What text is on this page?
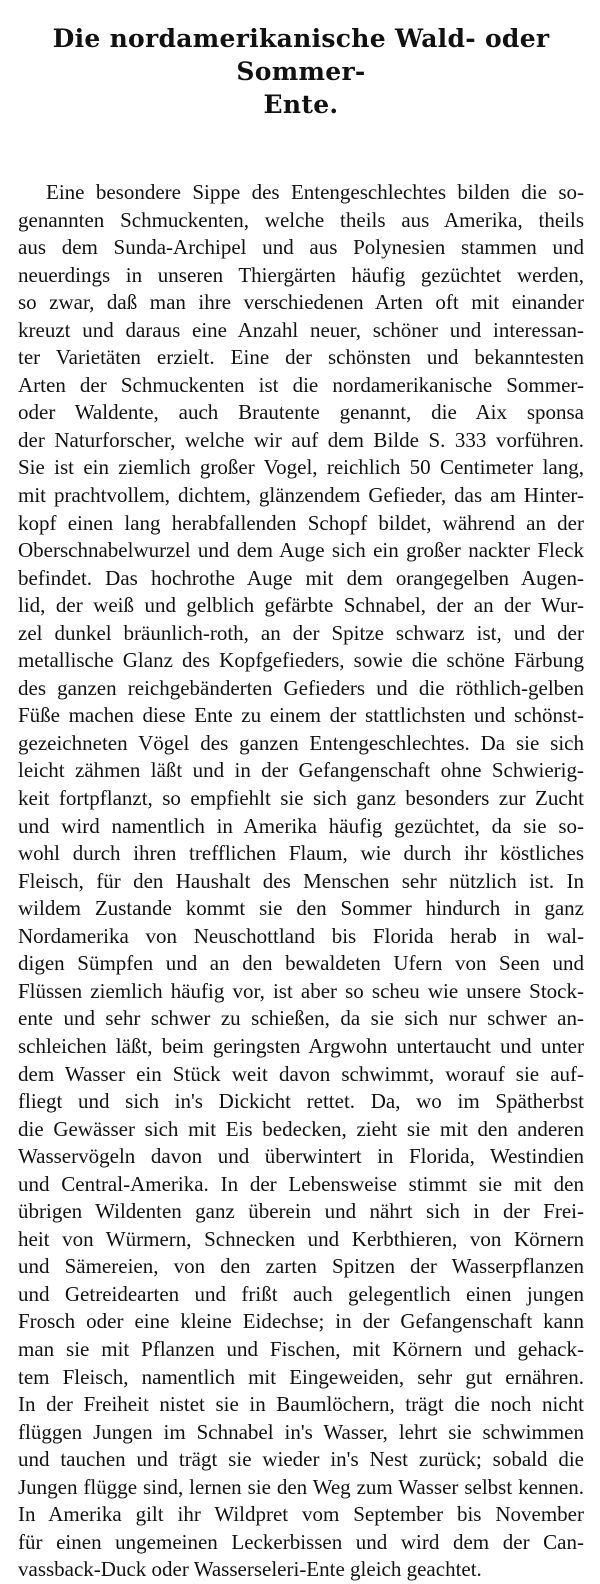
Die nordamerikanische Wald- oder Sommer-
Ente.
Eine besondere Sippe des Entengeschlechtes bilden die so-
genannten Schmuckenten, welche theils aus Amerika, theils
aus dem Sunda-Archipel und aus Polynesien stammen und
neuerdings in unseren Thiergärten häufig gezüchtet werden,
so zwar, daß man ihre verschiedenen Arten oft mit einander
kreuzt und daraus eine Anzahl neuer, schöner und interessan-
ter Varietäten erzielt. Eine der schönsten und bekanntesten
Arten der Schmuckenten ist die nordamerikanische Sommer-
oder Waldente, auch Brautente genannt, die Aix sponsa
der Naturforscher, welche wir auf dem Bilde S. 333 vorführen.
Sie ist ein ziemlich großer Vogel, reichlich 50 Centimeter lang,
mit prachtvollem, dichtem, glänzendem Gefieder, das am Hinter-
kopf einen lang herabfallenden Schopf bildet, während an der
Oberschnabelwurzel und dem Auge sich ein großer nackter Fleck
befindet. Das hochrothe Auge mit dem orangegelben Augen-
lid, der weiß und gelblich gefärbte Schnabel, der an der Wur-
zel dunkel bräunlich-roth, an der Spitze schwarz ist, und der
metallische Glanz des Kopfgefieders, sowie die schöne Färbung
des ganzen reichgebänderten Gefieders und die röthlich-gelben
Füße machen diese Ente zu einem der stattlichsten und schönst-
gezeichneten Vögel des ganzen Entengeschlechtes. Da sie sich
leicht zähmen läßt und in der Gefangenschaft ohne Schwierig-
keit fortpflanzt, so empfiehlt sie sich ganz besonders zur Zucht
und wird namentlich in Amerika häufig gezüchtet, da sie so-
wohl durch ihren trefflichen Flaum, wie durch ihr köstliches
Fleisch, für den Haushalt des Menschen sehr nützlich ist. In
wildem Zustande kommt sie den Sommer hindurch in ganz
Nordamerika von Neuschottland bis Florida herab in wal-
digen Sümpfen und an den bewaldeten Ufern von Seen und
Flüssen ziemlich häufig vor, ist aber so scheu wie unsere Stock-
ente und sehr schwer zu schießen, da sie sich nur schwer an-
schleichen läßt, beim geringsten Argwohn untertaucht und unter
dem Wasser ein Stück weit davon schwimmt, worauf sie auf-
fliegt und sich in's Dickicht rettet. Da, wo im Spätherbst
die Gewässer sich mit Eis bedecken, zieht sie mit den anderen
Wasservögeln davon und überwintert in Florida, Westindien
und Central-Amerika. In der Lebensweise stimmt sie mit den
übrigen Wildenten ganz überein und nährt sich in der Frei-
heit von Würmern, Schnecken und Kerbthieren, von Körnern
und Sämereien, von den zarten Spitzen der Wasserpflanzen
und Getreidearten und frißt auch gelegentlich einen jungen
Frosch oder eine kleine Eidechse; in der Gefangenschaft kann
man sie mit Pflanzen und Fischen, mit Körnern und gehack-
tem Fleisch, namentlich mit Eingeweiden, sehr gut ernähren.
In der Freiheit nistet sie in Baumlöchern, trägt die noch nicht
flüggen Jungen im Schnabel in's Wasser, lehrt sie schwimmen
und tauchen und trägt sie wieder in's Nest zurück; sobald die
Jungen flügge sind, lernen sie den Weg zum Wasser selbst kennen.
In Amerika gilt ihr Wildpret vom September bis November
für einen ungemeinen Leckerbissen und wird dem der Can-
vassback-Duck oder Wasserseleri-Ente gleich geachtet.
